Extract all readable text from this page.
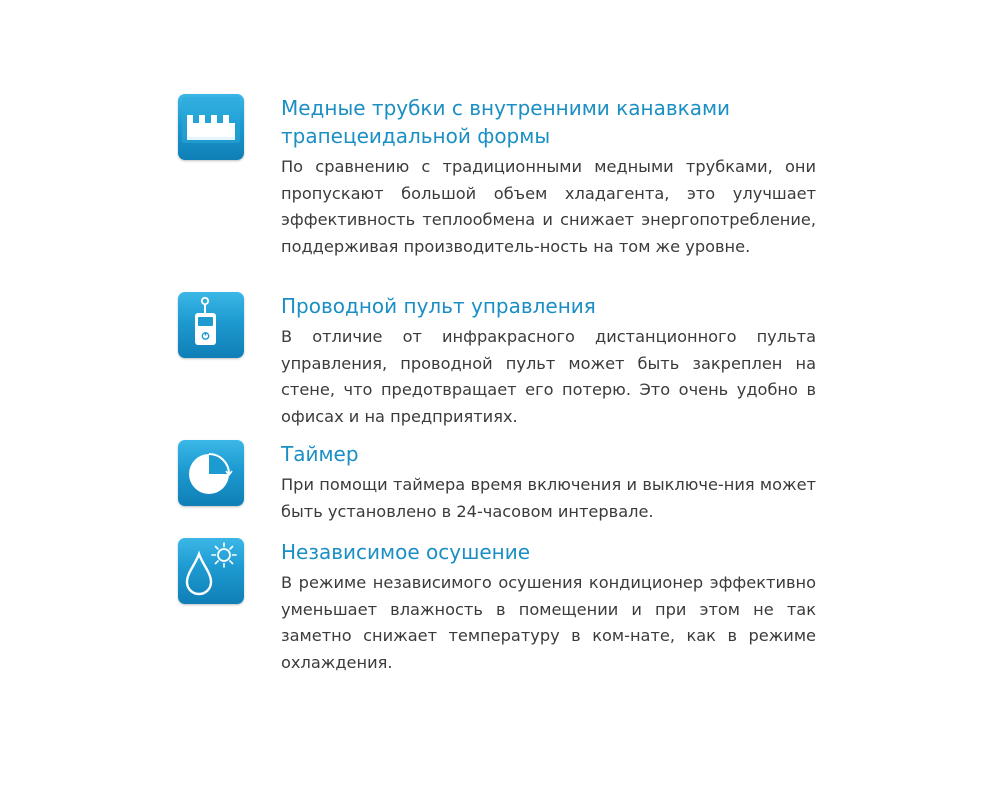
Медные трубки с внутренними канавками
трапецеидальной формы

По сравнению с традиционными медными трубками, они пропускают большой объем хладагента, это улучшает эффективность теплообмена и снижает энергопотребление, поддерживая производитель-ность на том же уровне.

Проводной пульт управления

В отличие от инфракрасного дистанционного пульта управления, проводной пульт может быть закреплен на стене, что предотвращает его потерю. Это очень удобно в офисах и на предприятиях.

Таймер

При помощи таймера время включения и выключе-ния может быть установлено в 24-часовом интервале.

Независимое осушение

В режиме независимого осушения кондиционер эффективно уменьшает влажность в помещении и при этом не так заметно снижает температуру в ком-нате, как в режиме охлаждения.
